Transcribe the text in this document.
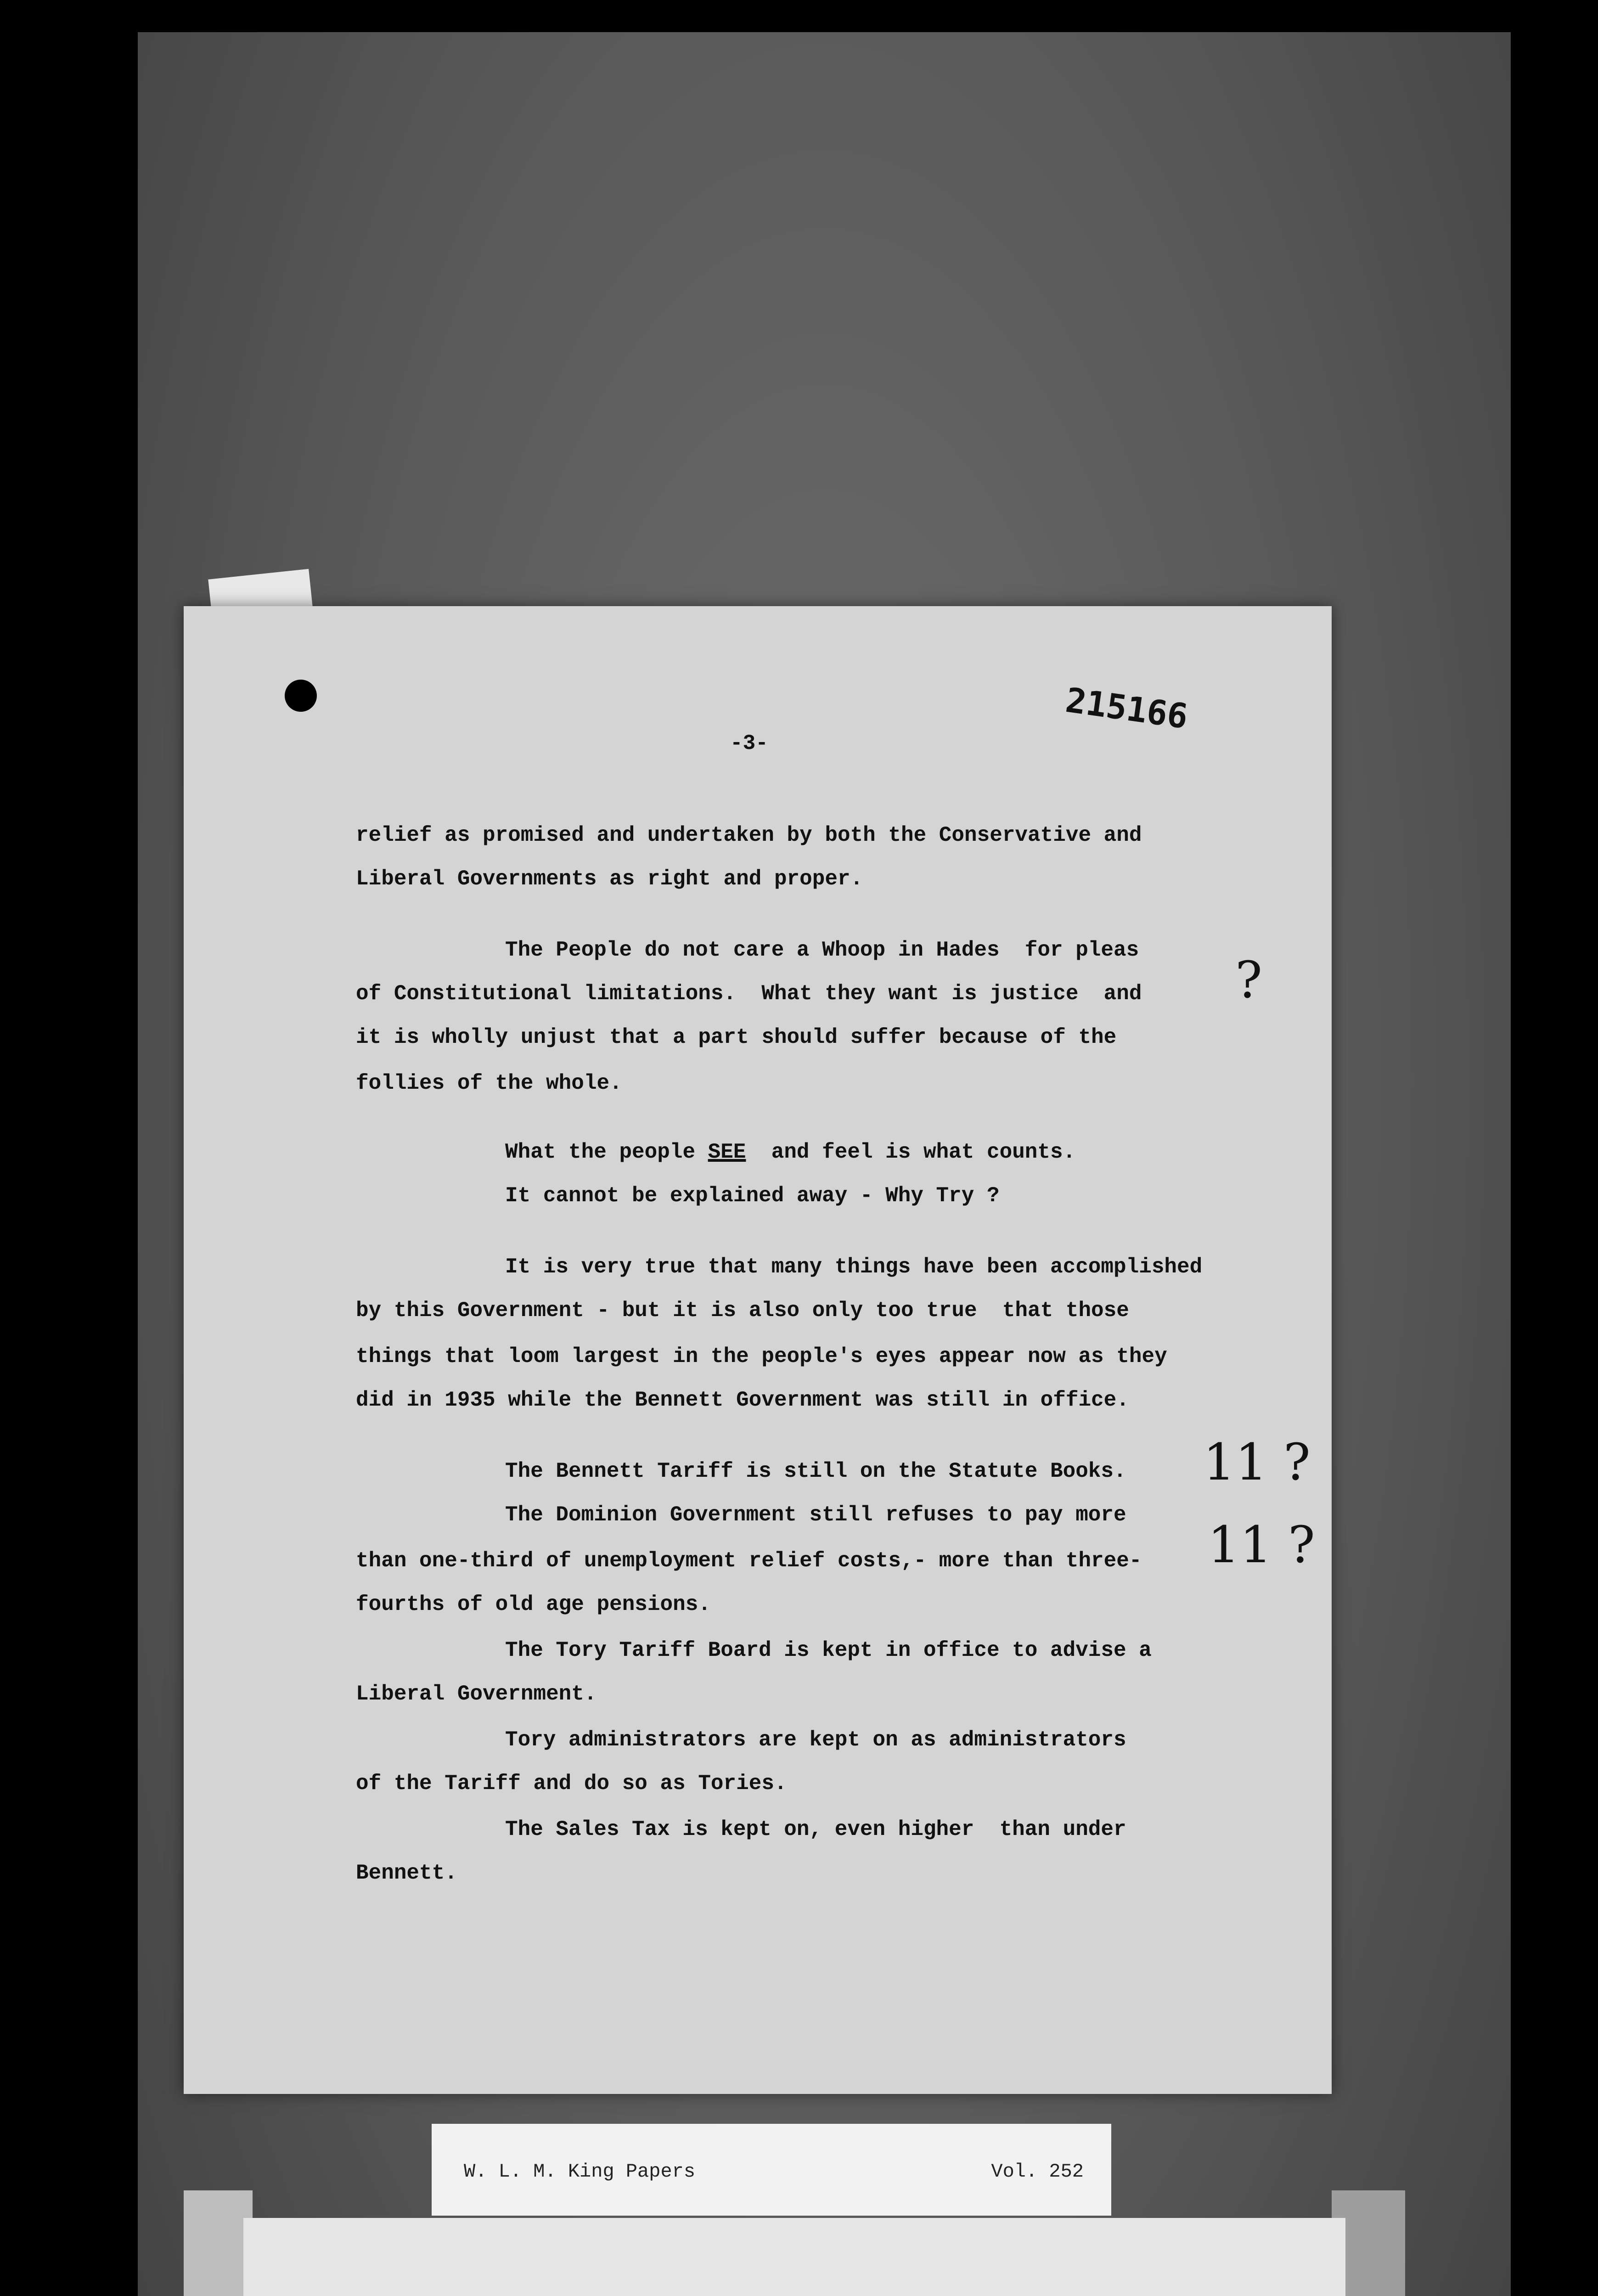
215166
-3-
relief as promised and undertaken by both the Conservative and
Liberal Governments as right and proper.
The People do not care a Whoop in Hades  for pleas
of Constitutional limitations.  What they want is justice  and
it is wholly unjust that a part should suffer because of the
follies of the whole.
What the people SEE  and feel is what counts.
It cannot be explained away - Why Try ?
It is very true that many things have been accomplished
by this Government - but it is also only too true  that those
things that loom largest in the people's eyes appear now as they
did in 1935 while the Bennett Government was still in office.
The Bennett Tariff is still on the Statute Books.
The Dominion Government still refuses to pay more
than one-third of unemployment relief costs,- more than three-
fourths of old age pensions.
The Tory Tariff Board is kept in office to advise a
Liberal Government.
Tory administrators are kept on as administrators
of the Tariff and do so as Tories.
The Sales Tax is kept on, even higher  than under
Bennett.
?
11 ?
11 ?
W. L. M. King Papers	Vol. 252
